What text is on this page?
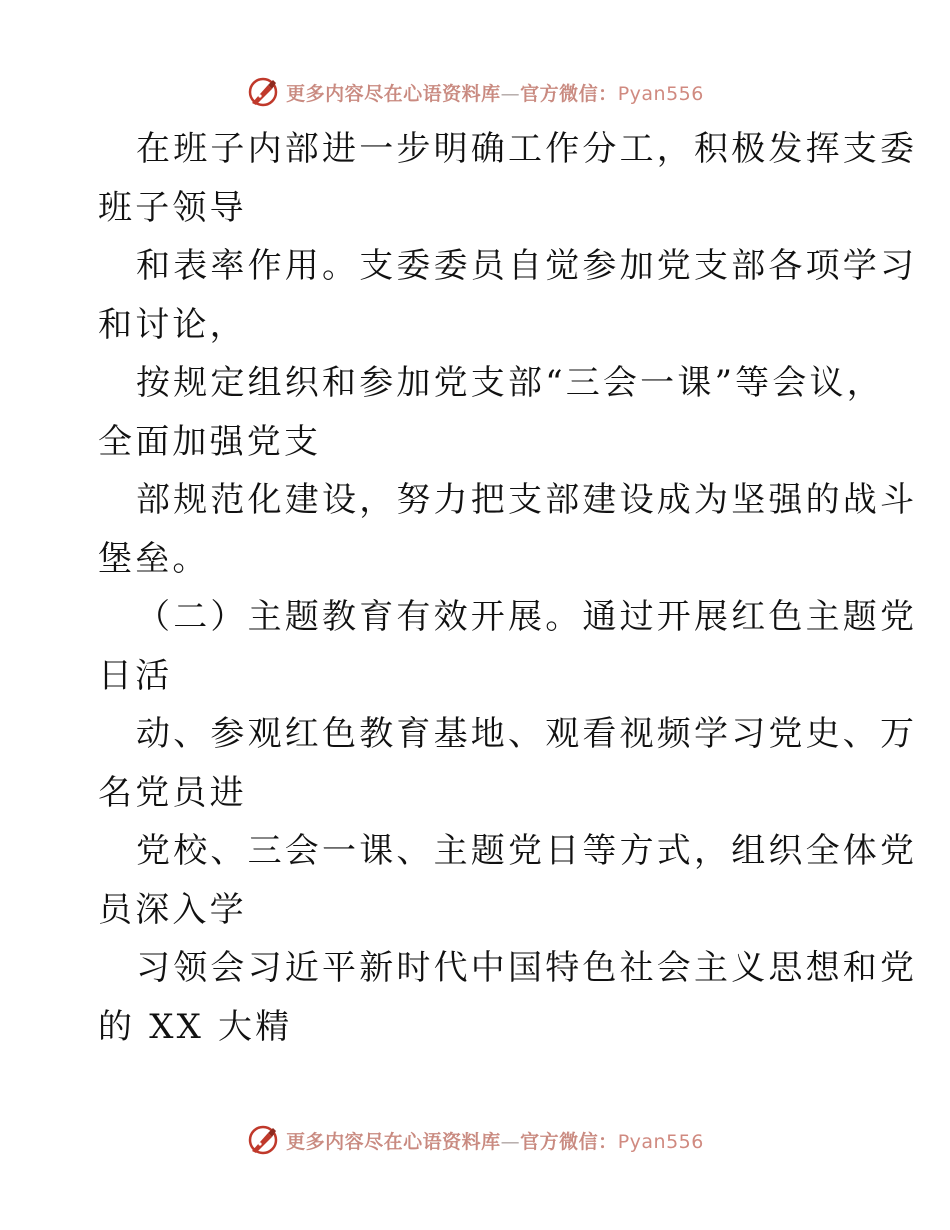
更多内容尽在心语资料库—官方微信：Pyan556

在班子内部进一步明确工作分工，积极发挥支委

班子领导

和表率作用。支委委员自觉参加党支部各项学习

和讨论，

按规定组织和参加党支部“三会一课”等会议，

全面加强党支

部规范化建设，努力把支部建设成为坚强的战斗

堡垒。

（二）主题教育有效开展。通过开展红色主题党

日活

动、参观红色教育基地、观看视频学习党史、万

名党员进

党校、三会一课、主题党日等方式，组织全体党

员深入学

习领会习近平新时代中国特色社会主义思想和党

的 XX 大精

更多内容尽在心语资料库—官方微信：Pyan556
